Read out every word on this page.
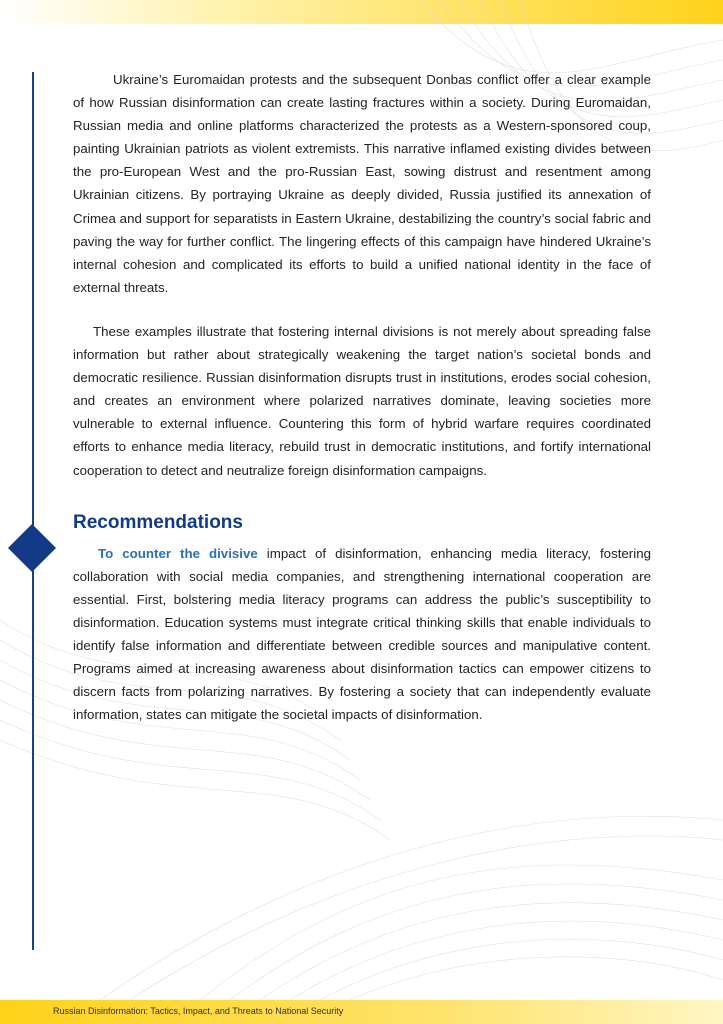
Ukraine’s Euromaidan protests and the subsequent Donbas conflict offer a clear example of how Russian disinformation can create lasting fractures within a society. During Euromaidan, Russian media and online platforms characterized the protests as a Western-sponsored coup, painting Ukrainian patriots as violent extremists. This narrative inflamed existing divides between the pro-European West and the pro-Russian East, sowing distrust and resentment among Ukrainian citizens. By portraying Ukraine as deeply divided, Russia justified its annexation of Crimea and support for separatists in Eastern Ukraine, destabilizing the country’s social fabric and paving the way for further conflict. The lingering effects of this campaign have hindered Ukraine’s internal cohesion and complicated its efforts to build a unified national identity in the face of external threats.

These examples illustrate that fostering internal divisions is not merely about spreading false information but rather about strategically weakening the target nation’s societal bonds and democratic resilience. Russian disinformation disrupts trust in institutions, erodes social cohesion, and creates an environment where polarized narratives dominate, leaving societies more vulnerable to external influence. Countering this form of hybrid warfare requires coordinated efforts to enhance media literacy, rebuild trust in democratic institutions, and fortify international cooperation to detect and neutralize foreign disinformation campaigns.

Recommendations

To counter the divisive impact of disinformation, enhancing media literacy, fostering collaboration with social media companies, and strengthening international cooperation are essential. First, bolstering media literacy programs can address the public’s susceptibility to disinformation. Education systems must integrate critical thinking skills that enable individuals to identify false information and differentiate between credible sources and manipulative content. Programs aimed at increasing awareness about disinformation tactics can empower citizens to discern facts from polarizing narratives. By fostering a society that can independently evaluate information, states can mitigate the societal impacts of disinformation.

Russian Disinformation: Tactics, Impact, and Threats to National Security
